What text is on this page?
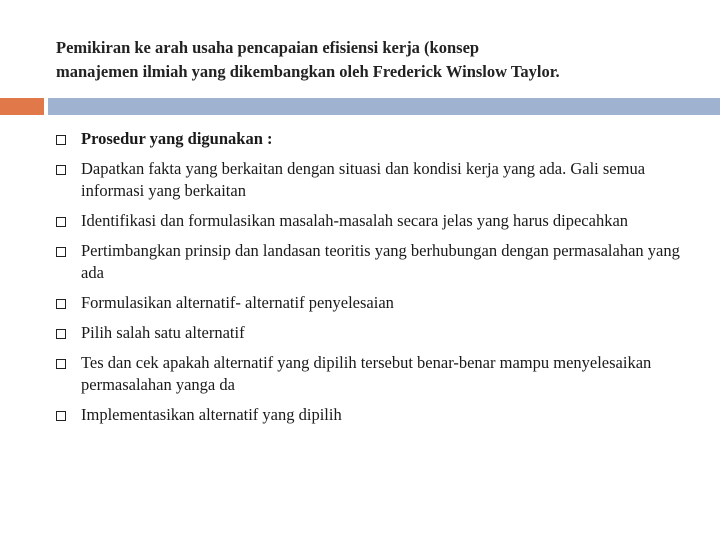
Pemikiran ke arah usaha pencapaian efisiensi kerja (konsep
manajemen ilmiah yang dikembangkan oleh Frederick Winslow Taylor.
Prosedur yang digunakan :
Dapatkan fakta yang berkaitan dengan situasi dan kondisi kerja yang ada. Gali semua informasi yang berkaitan
Identifikasi dan formulasikan masalah-masalah secara jelas yang harus dipecahkan
Pertimbangkan prinsip dan landasan teoritis yang berhubungan dengan permasalahan yang ada
Formulasikan alternatif- alternatif penyelesaian
Pilih salah satu alternatif
Tes dan cek apakah alternatif yang dipilih tersebut benar-benar mampu menyelesaikan permasalahan yanga da
Implementasikan alternatif yang dipilih
